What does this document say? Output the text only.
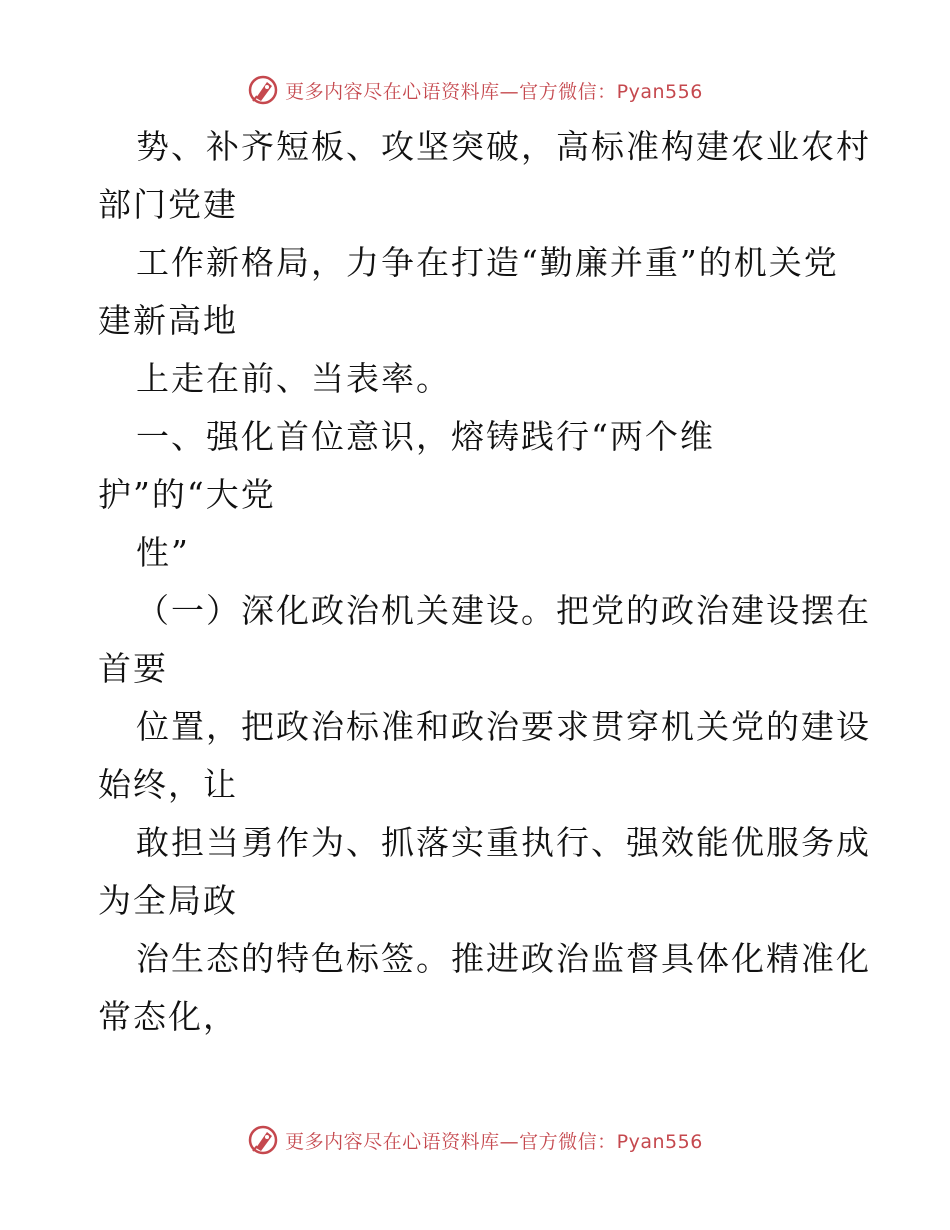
更多内容尽在心语资料库—官方微信：Pyan556
势、补齐短板、攻坚突破，高标准构建农业农村
部门党建
工作新格局，力争在打造“勤廉并重”的机关党
建新高地
上走在前、当表率。
一、强化首位意识，熔铸践行“两个维
护”的“大党
性”
（一）深化政治机关建设。把党的政治建设摆在
首要
位置，把政治标准和政治要求贯穿机关党的建设
始终，让
敢担当勇作为、抓落实重执行、强效能优服务成
为全局政
治生态的特色标签。推进政治监督具体化精准化
常态化，
更多内容尽在心语资料库—官方微信：Pyan556
